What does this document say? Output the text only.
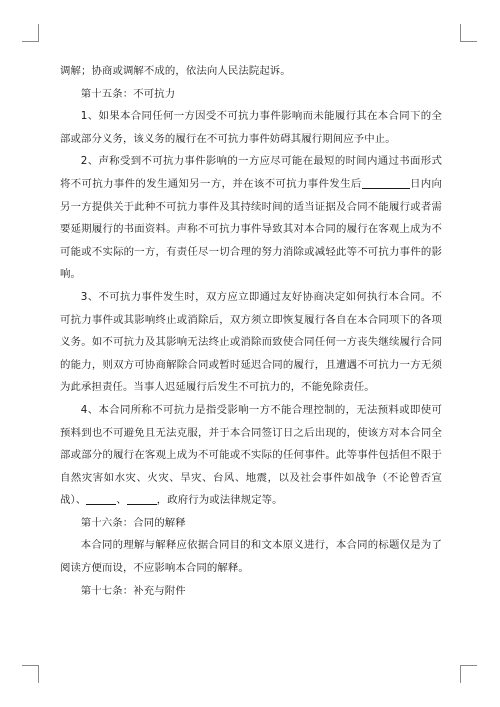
调解；协商或调解不成的，依法向人民法院起诉。

第十五条：不可抗力

1、如果本合同任何一方因受不可抗力事件影响而未能履行其在本合同下的全部或部分义务，该义务的履行在不可抗力事件妨碍其履行期间应予中止。

2、声称受到不可抗力事件影响的一方应尽可能在最短的时间内通过书面形式将不可抗力事件的发生通知另一方，并在该不可抗力事件发生后	日内向另一方提供关于此种不可抗力事件及其持续时间的适当证据及合同不能履行或者需要延期履行的书面资料。声称不可抗力事件导致其对本合同的履行在客观上成为不可能或不实际的一方，有责任尽一切合理的努力消除或减轻此等不可抗力事件的影响。

3、不可抗力事件发生时，双方应立即通过友好协商决定如何执行本合同。不可抗力事件或其影响终止或消除后，双方须立即恢复履行各自在本合同项下的各项义务。如不可抗力及其影响无法终止或消除而致使合同任何一方丧失继续履行合同的能力，则双方可协商解除合同或暂时延迟合同的履行，且遭遇不可抗力一方无须为此承担责任。当事人迟延履行后发生不可抗力的，不能免除责任。

4、本合同所称不可抗力是指受影响一方不能合理控制的，无法预料或即使可预料到也不可避免且无法克服，并于本合同签订日之后出现的，使该方对本合同全部或部分的履行在客观上成为不可能或不实际的任何事件。此等事件包括但不限于自然灾害如水灾、火灾、旱灾、台风、地震，以及社会事件如战争（不论曾否宣战）、	、	，政府行为或法律规定等。

第十六条：合同的解释

本合同的理解与解释应依据合同目的和文本原义进行，本合同的标题仅是为了阅读方便而设，不应影响本合同的解释。

第十七条：补充与附件
